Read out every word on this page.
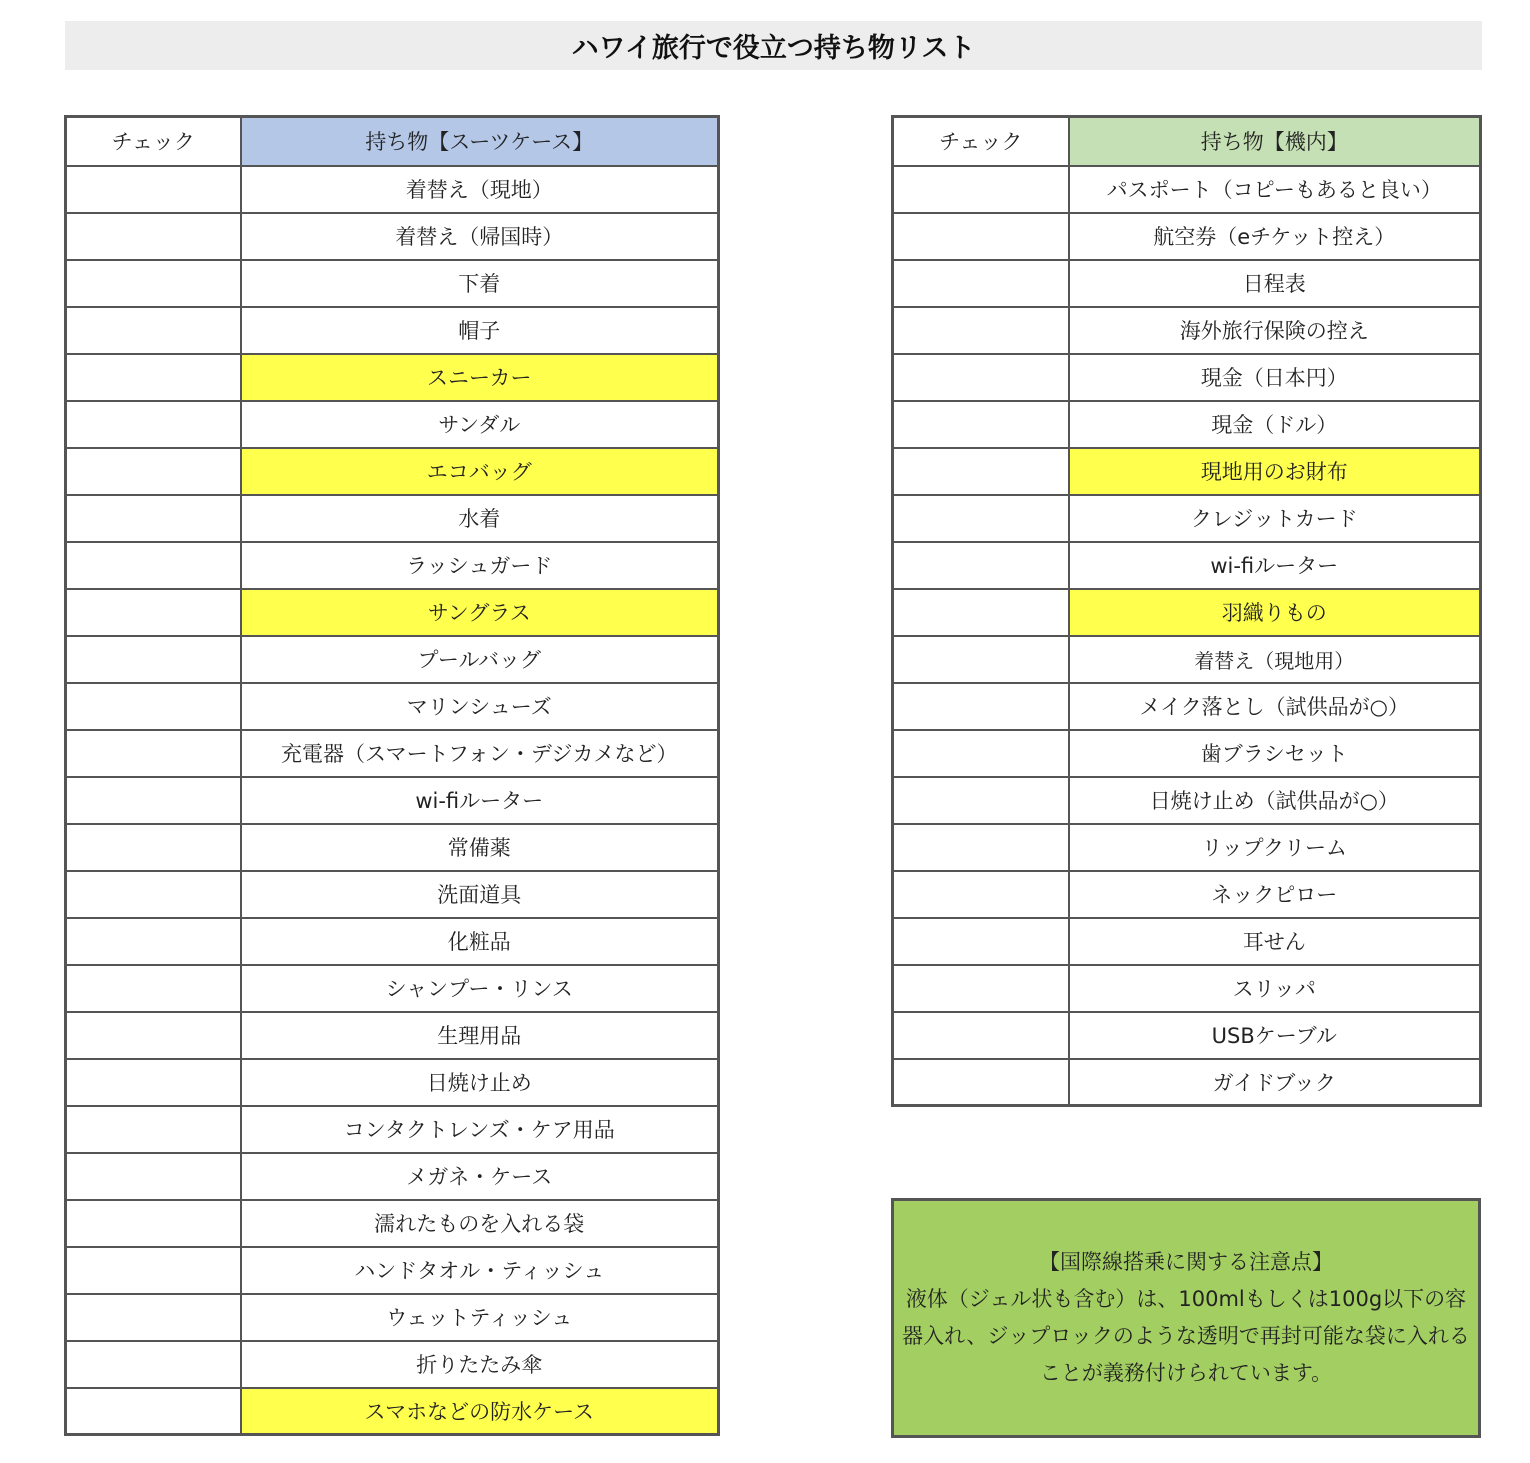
ハワイ旅行で役立つ持ち物リスト
チェック	持ち物【スーツケース】
	着替え（現地）
	着替え（帰国時）
	下着
	帽子
	スニーカー
	サンダル
	エコバッグ
	水着
	ラッシュガード
	サングラス
	プールバッグ
	マリンシューズ
	充電器（スマートフォン・デジカメなど）
	wi-fiルーター
	常備薬
	洗面道具
	化粧品
	シャンプー・リンス
	生理用品
	日焼け止め
	コンタクトレンズ・ケア用品
	メガネ・ケース
	濡れたものを入れる袋
	ハンドタオル・ティッシュ
	ウェットティッシュ
	折りたたみ傘
	スマホなどの防水ケース
チェック	持ち物【機内】
	パスポート（コピーもあると良い）
	航空券（eチケット控え）
	日程表
	海外旅行保険の控え
	現金（日本円）
	現金（ドル）
	現地用のお財布
	クレジットカード
	wi-fiルーター
	羽織りもの
	着替え（現地用）
	メイク落とし（試供品が○）
	歯ブラシセット
	日焼け止め（試供品が○）
	リップクリーム
	ネックピロー
	耳せん
	スリッパ
	USBケーブル
	ガイドブック
【国際線搭乗に関する注意点】
液体（ジェル状も含む）は、100mlもしくは100g以下の容
器入れ、ジップロックのような透明で再封可能な袋に入れる
ことが義務付けられています。
